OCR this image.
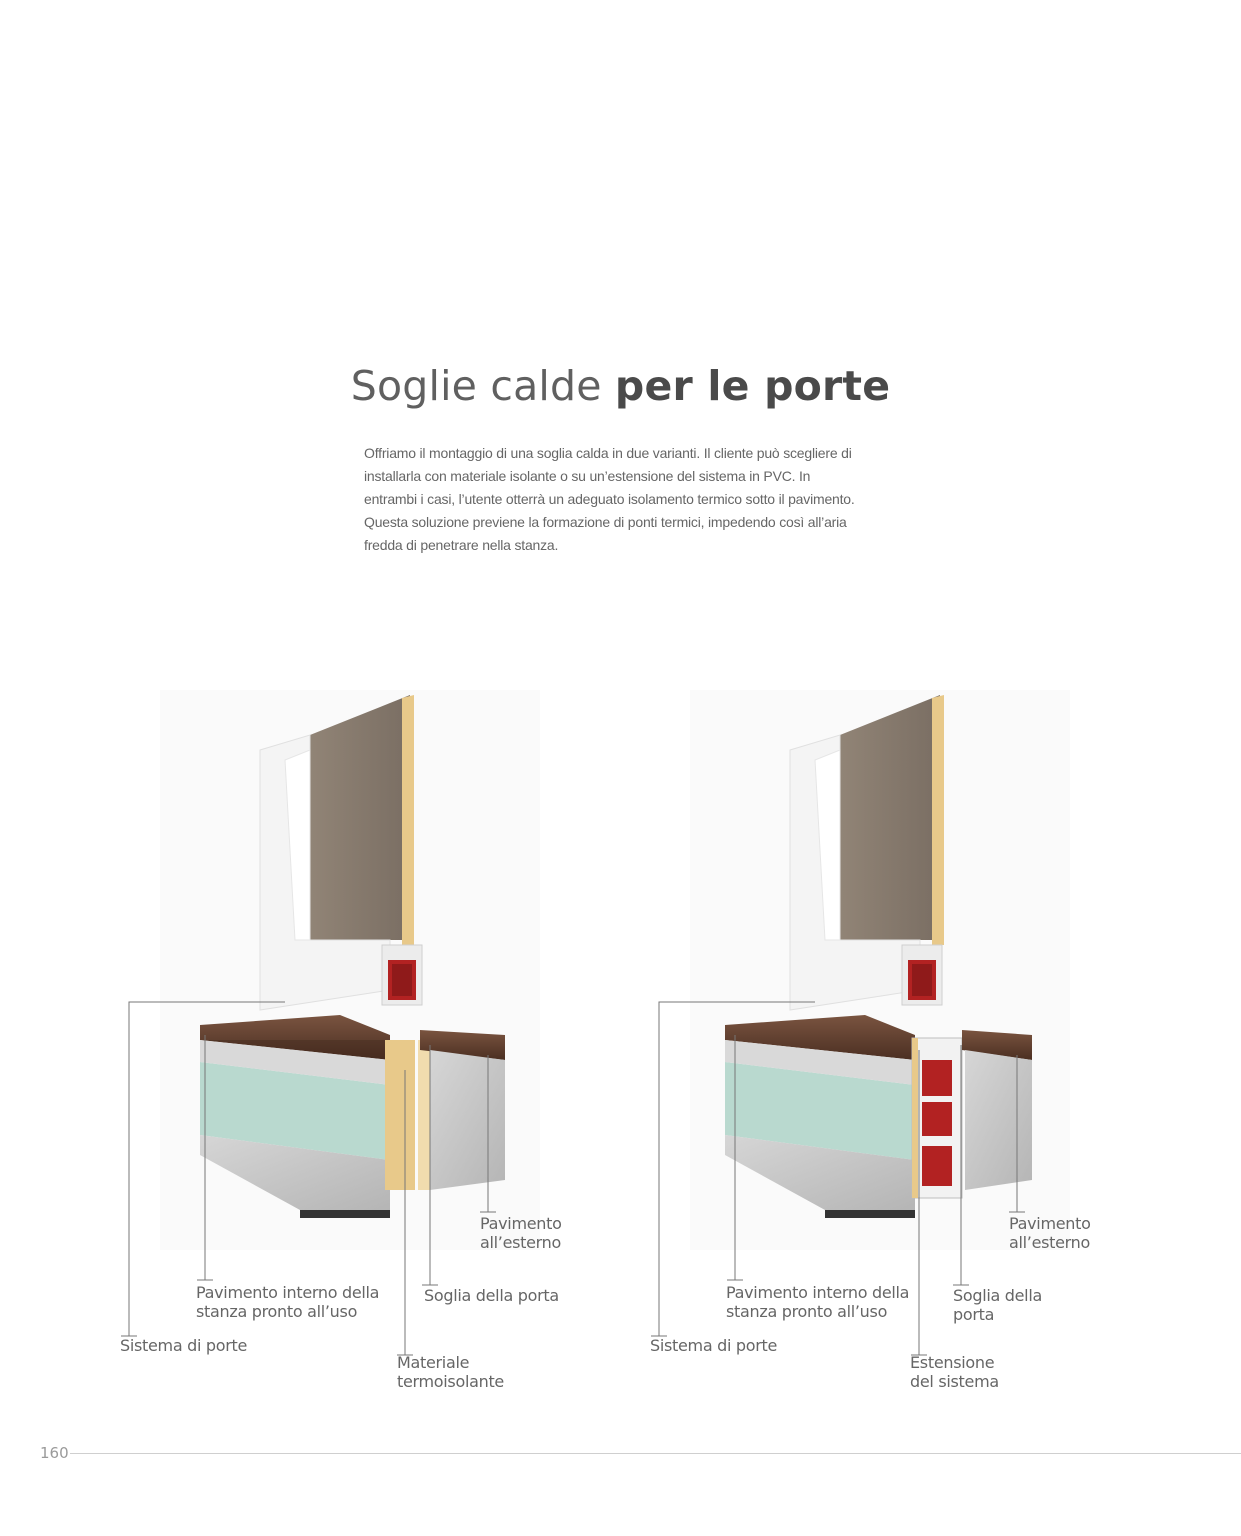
Soglie calde per le porte
Offriamo il montaggio di una soglia calda in due varianti. Il cliente può scegliere di installarla con materiale isolante o su un’estensione del sistema in PVC. In entrambi i casi, l’utente otterrà un adeguato isolamento termico sotto il pavimento. Questa soluzione previene la formazione di ponti termici, impedendo così all’aria fredda di penetrare nella stanza.
Pavimento
all’esterno
Pavimento interno della
stanza pronto all’uso
Soglia della porta
Sistema di porte
Materiale
termoisolante
Pavimento
all’esterno
Pavimento interno della
stanza pronto all’uso
Soglia della
porta
Sistema di porte
Estensione
del sistema
160
